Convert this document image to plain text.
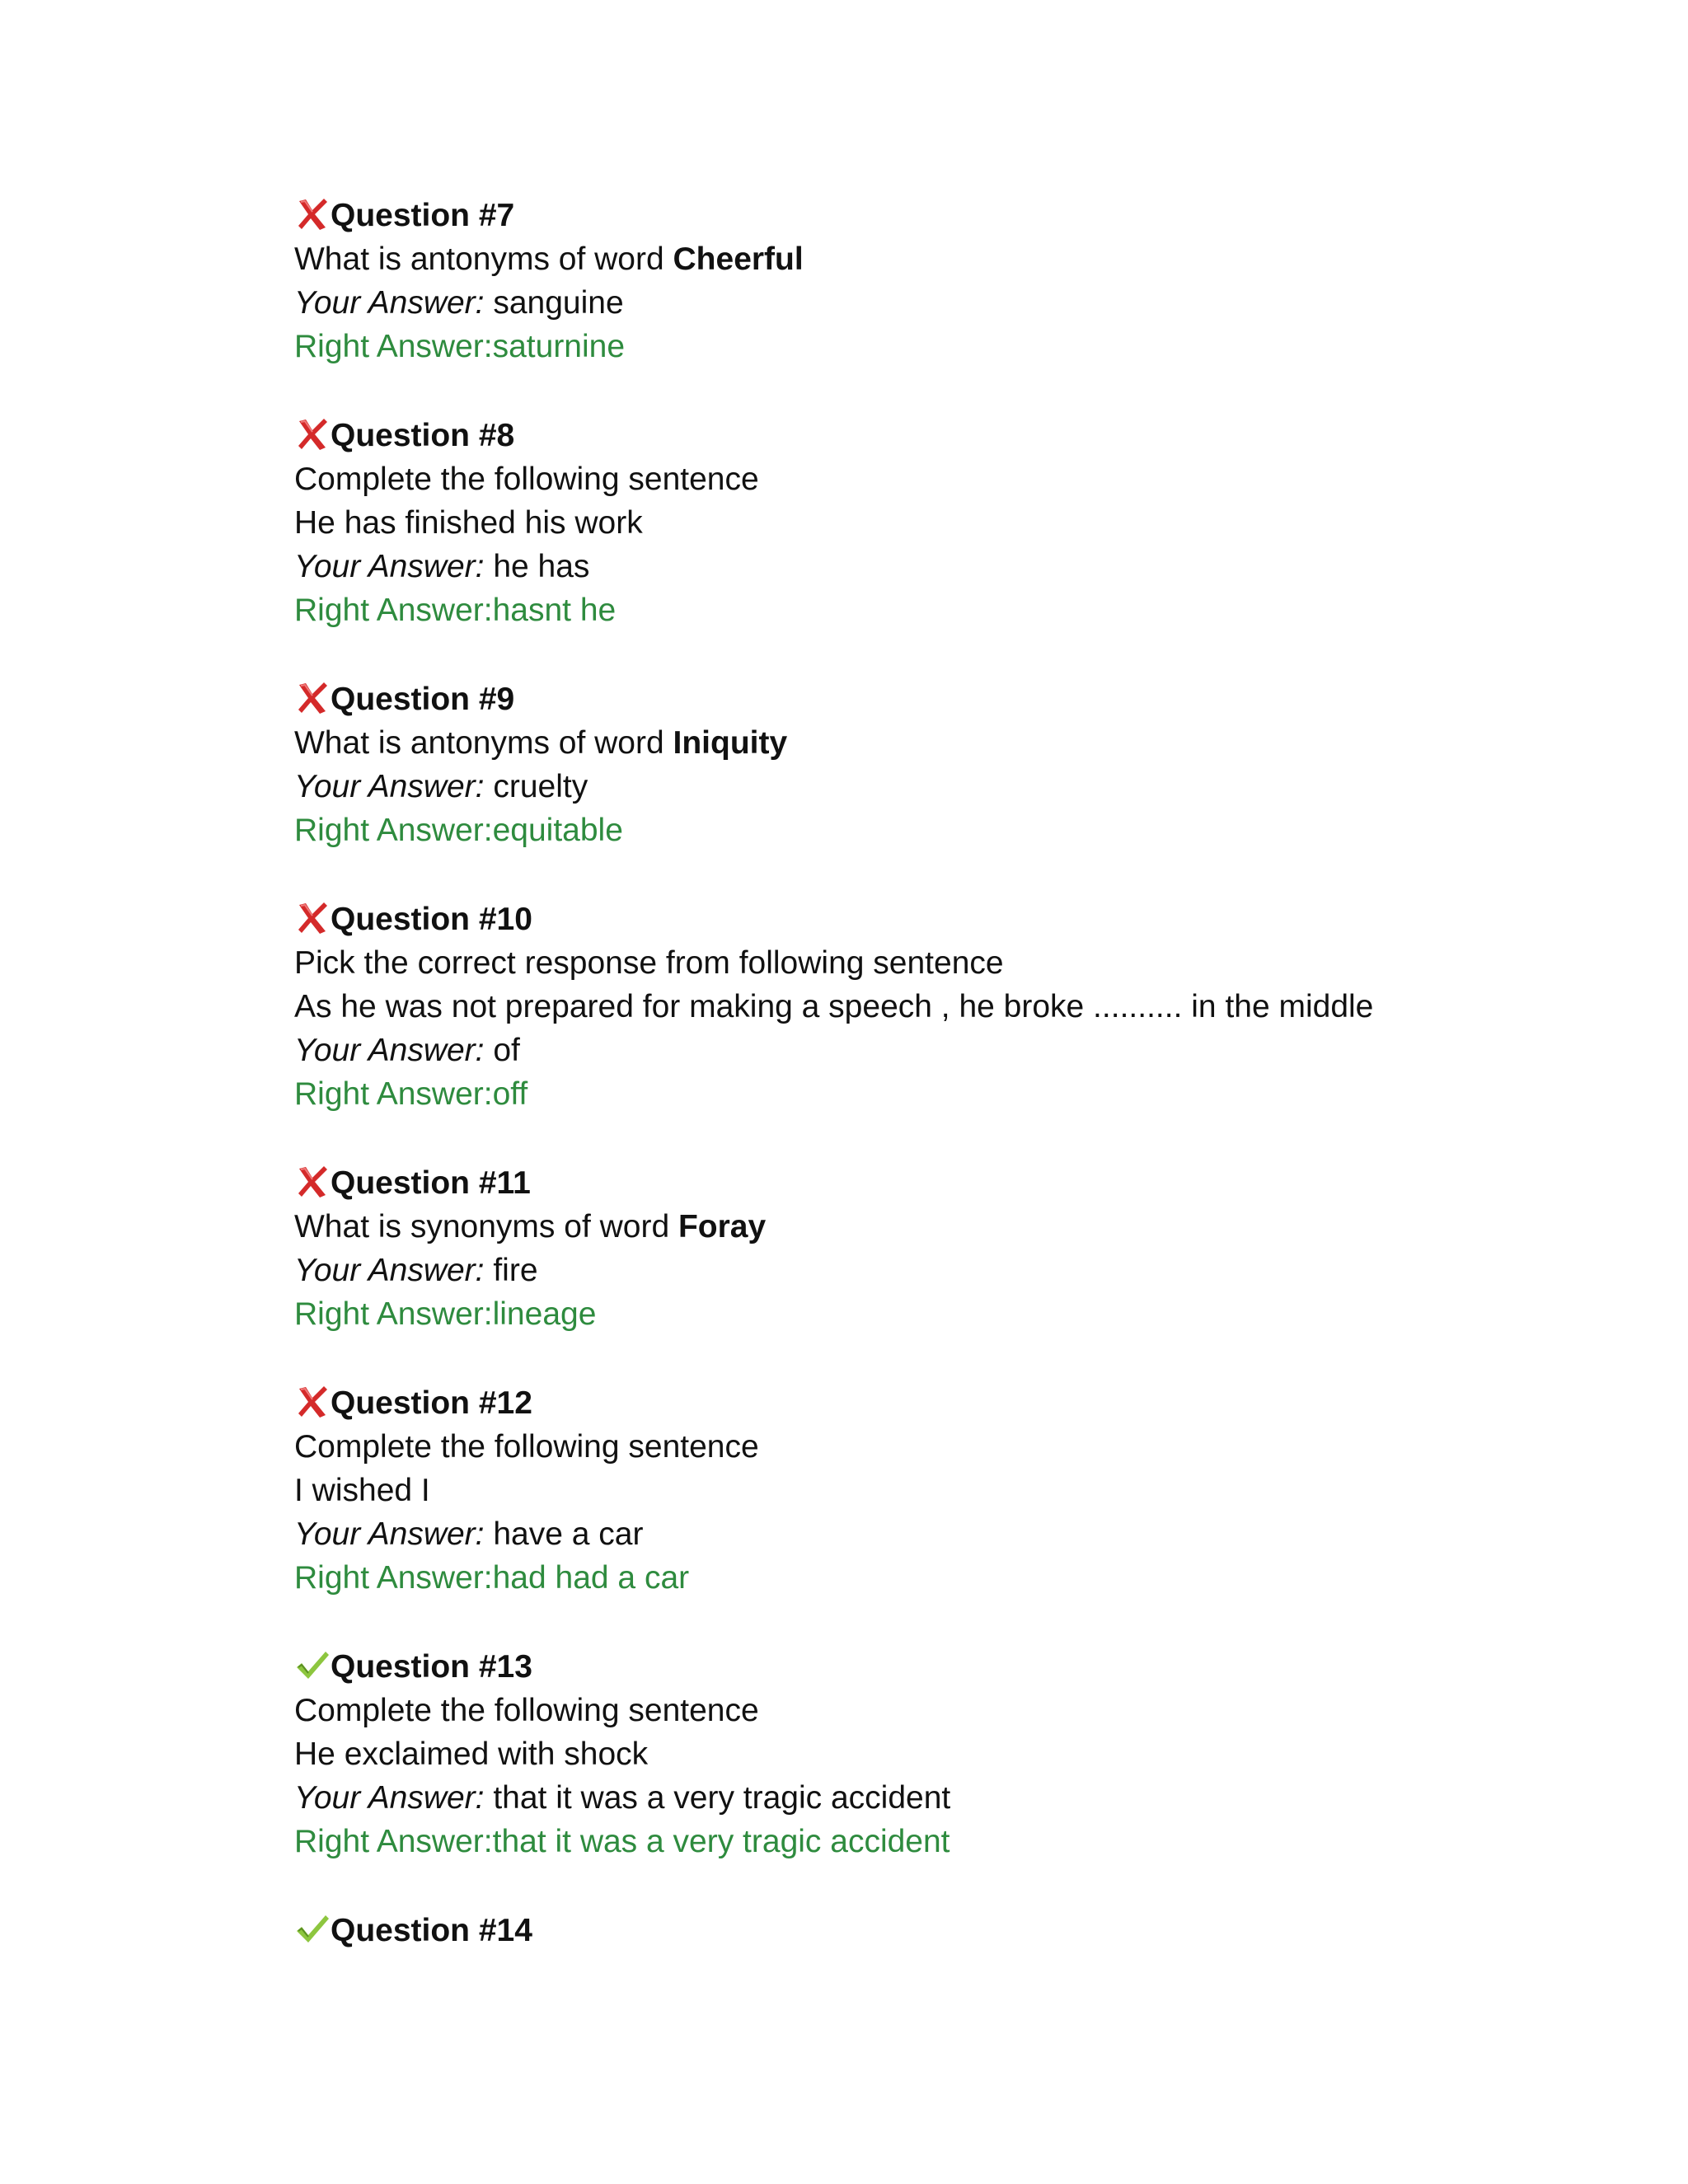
Question #7
What is antonyms of word Cheerful
Your Answer: sanguine
Right Answer:saturnine
Question #8
Complete the following sentence
He has finished his work
Your Answer: he has
Right Answer:hasnt he
Question #9
What is antonyms of word Iniquity
Your Answer: cruelty
Right Answer:equitable
Question #10
Pick the correct response from following sentence
As he was not prepared for making a speech , he broke .......... in the middle
Your Answer: of
Right Answer:off
Question #11
What is synonyms of word Foray
Your Answer: fire
Right Answer:lineage
Question #12
Complete the following sentence
I wished I
Your Answer: have a car
Right Answer:had had a car
Question #13
Complete the following sentence
He exclaimed with shock
Your Answer: that it was a very tragic accident
Right Answer:that it was a very tragic accident
Question #14
